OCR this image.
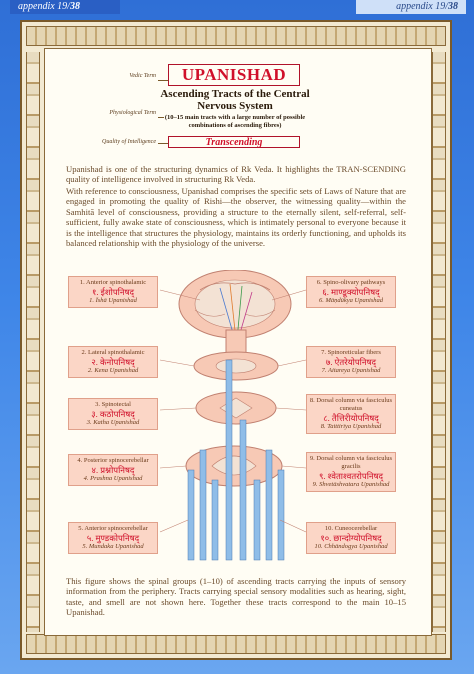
appendix 19/38	appendix 19/38
Vedic Term
Physiological Term
Quality of Intelligence
UPANISHAD
Ascending Tracts of the Central Nervous System
(10–15 main tracts with a large number of possible combinations of ascending fibres)
Transcending

Upanishad is one of the structuring dynamics of Rk Veda. It highlights the TRAN-SCENDING quality of intelligence involved in structuring Rk Veda.

With reference to consciousness, Upanishad comprises the specific sets of Laws of Nature that are engaged in promoting the quality of Rishi—the observer, the witnessing quality—within the Samhitā level of consciousness, providing a structure to the eternally silent, self-referral, self-sufficient, fully awake state of consciousness, which is intimately personal to everyone because it is the intelligence that structures the physiology, maintains its orderly functioning, and upholds its balanced relationship with the physiology of the universe.

1. Anterior spinothalamic
१. ईशोपनिषद्
1. Īshā Upanishad
2. Lateral spinothalamic
२. केनोपनिषद्
2. Kena Upanishad
3. Spinotectal
३. कठोपनिषद्
3. Katha Upanishad
4. Posterior spinocerebellar
४. प्रश्नोपनिषद्
4. Prashna Upanishad
5. Anterior spinocerebellar
५. मुण्डकोपनिषद्
5. Mundaka Upanishad
6. Spino-olivary pathways
६. माण्डूक्योपनिषद्
6. Māṇdūkya Upanishad
7. Spinoreticular fibers
७. ऐतरेयोपनिषद्
7. Aitareya Upanishad
8. Dorsal column via fasciculus cuneatus
८. तैत्तिरीयोपनिषद्
8. Taittirīya Upanishad
9. Dorsal column via fasciculus gracilis
९. श्वेताश्वतरोपनिषद्
9. Shvetāshvatara Upanishad
10. Cuneocerebellar
१०. छान्दोग्योपनिषद्
10. Chhāndogya Upanishad

This figure shows the spinal groups (1–10) of ascending tracts carrying the inputs of sensory information from the periphery. Tracts carrying special sensory modalities such as hearing, sight, taste, and smell are not shown here. Together these tracts correspond to the main 10–15 Upanishad.
